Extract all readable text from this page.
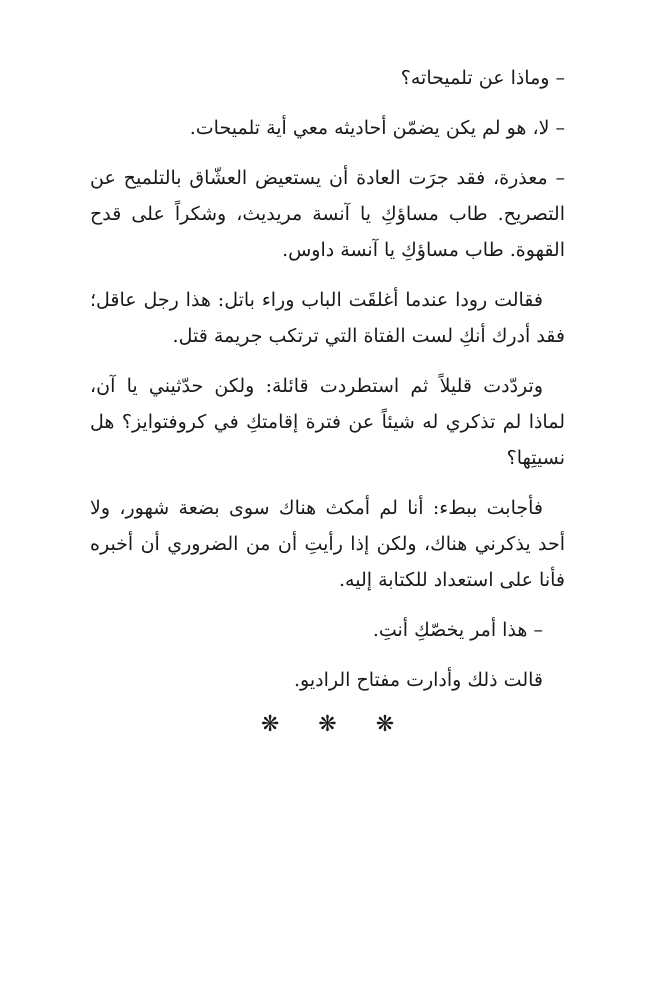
– وماذا عن تلميحاته؟

– لا، هو لم يكن يضمّن أحاديثه معي أية تلميحات.

– معذرة، فقد جرَت العادة أن يستعيض العشّاق بالتلميح عن التصريح. طاب مساؤكِ يا آنسة مريديث، وشكراً على قدح القهوة. طاب مساؤكِ يا آنسة داوس.

فقالت رودا عندما أغلقَت الباب وراء باتل: هذا رجل عاقل؛ فقد أدرك أنكِ لست الفتاة التي ترتكب جريمة قتل.

وتردّدت قليلاً ثم استطردت قائلة: ولكن حدّثيني يا آن، لماذا لم تذكري له شيئاً عن فترة إقامتكِ في كروفتوايز؟ هل نسيتِها؟

فأجابت ببطء: أنا لم أمكث هناك سوى بضعة شهور، ولا أحد يذكرني هناك، ولكن إذا رأيتِ أن من الضروري أن أخبره فأنا على استعداد للكتابة إليه.

– هذا أمر يخصّكِ أنتِ.

قالت ذلك وأدارت مفتاح الراديو.

❋ ❋ ❋
